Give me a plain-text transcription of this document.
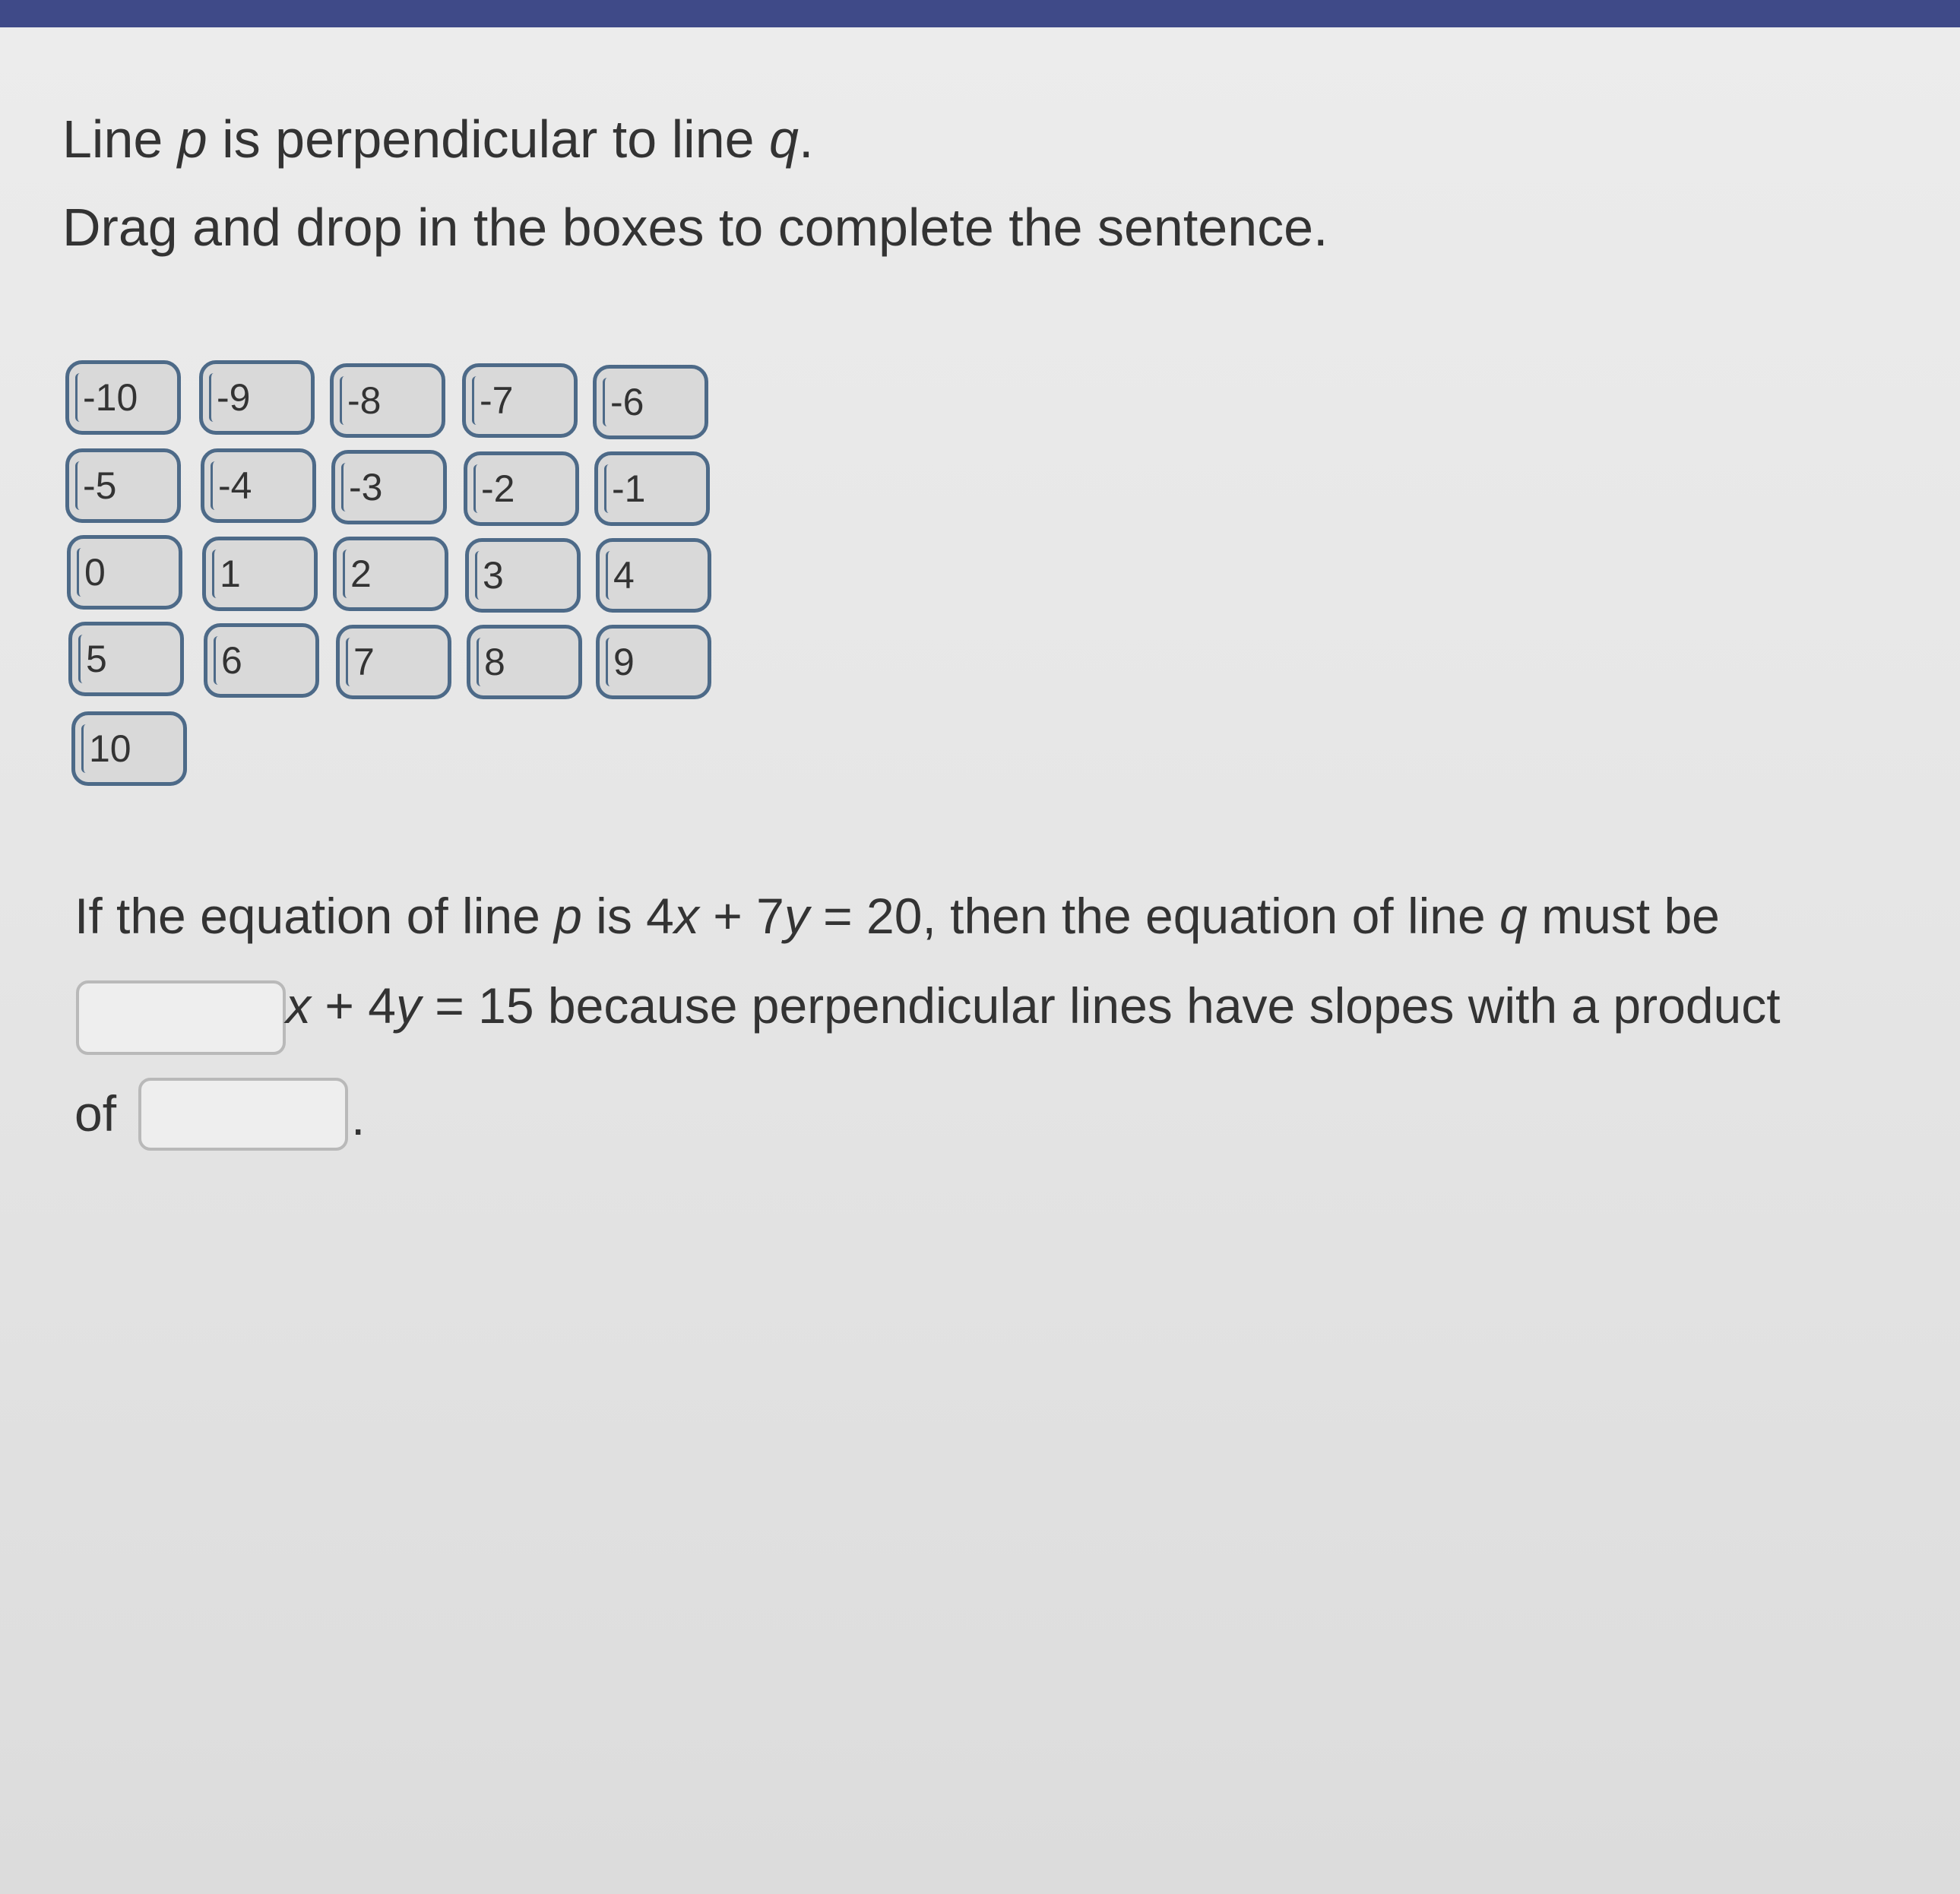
Line p is perpendicular to line q.
Drag and drop in the boxes to complete the sentence.
-10	-9	-8	-7	-6
-5	-4	-3	-2	-1
0	1	2	3	4
5	6	7	8	9
10
If the equation of line p is 4x + 7y = 20, then the equation of line q must be
x + 4y = 15 because perpendicular lines have slopes with a product
of	.
